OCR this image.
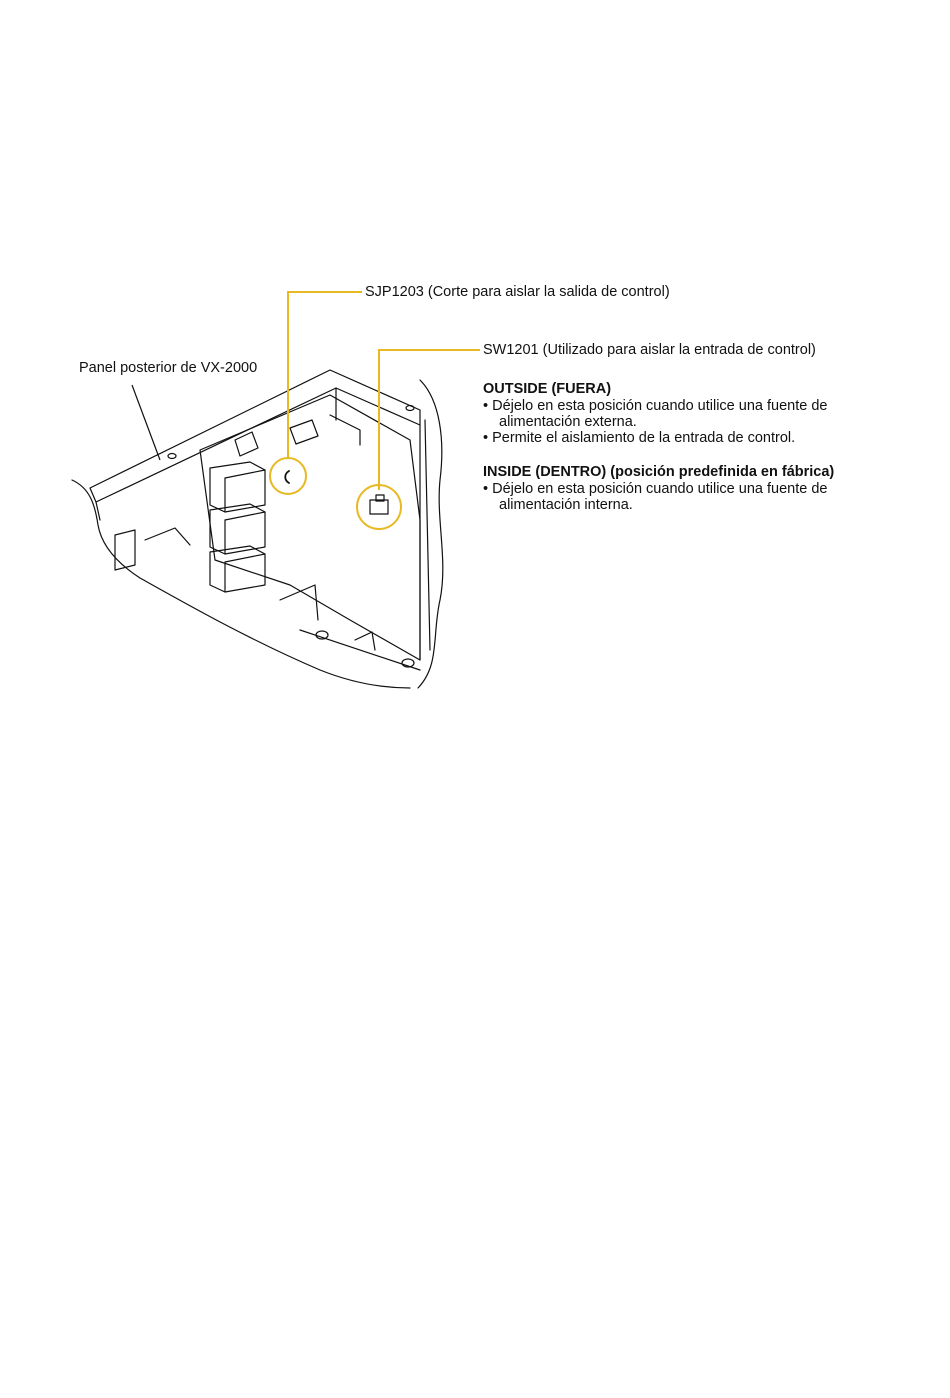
Panel posterior de VX-2000
SJP1203 (Corte para aislar la salida de control)
SW1201 (Utilizado para aislar la entrada de control)
OUTSIDE (FUERA)
• Déjelo en esta posición cuando utilice una fuente de
alimentación externa.
• Permite el aislamiento de la entrada de control.
INSIDE (DENTRO) (posición predefinida en fábrica)
• Déjelo en esta posición cuando utilice una fuente de
alimentación interna.
